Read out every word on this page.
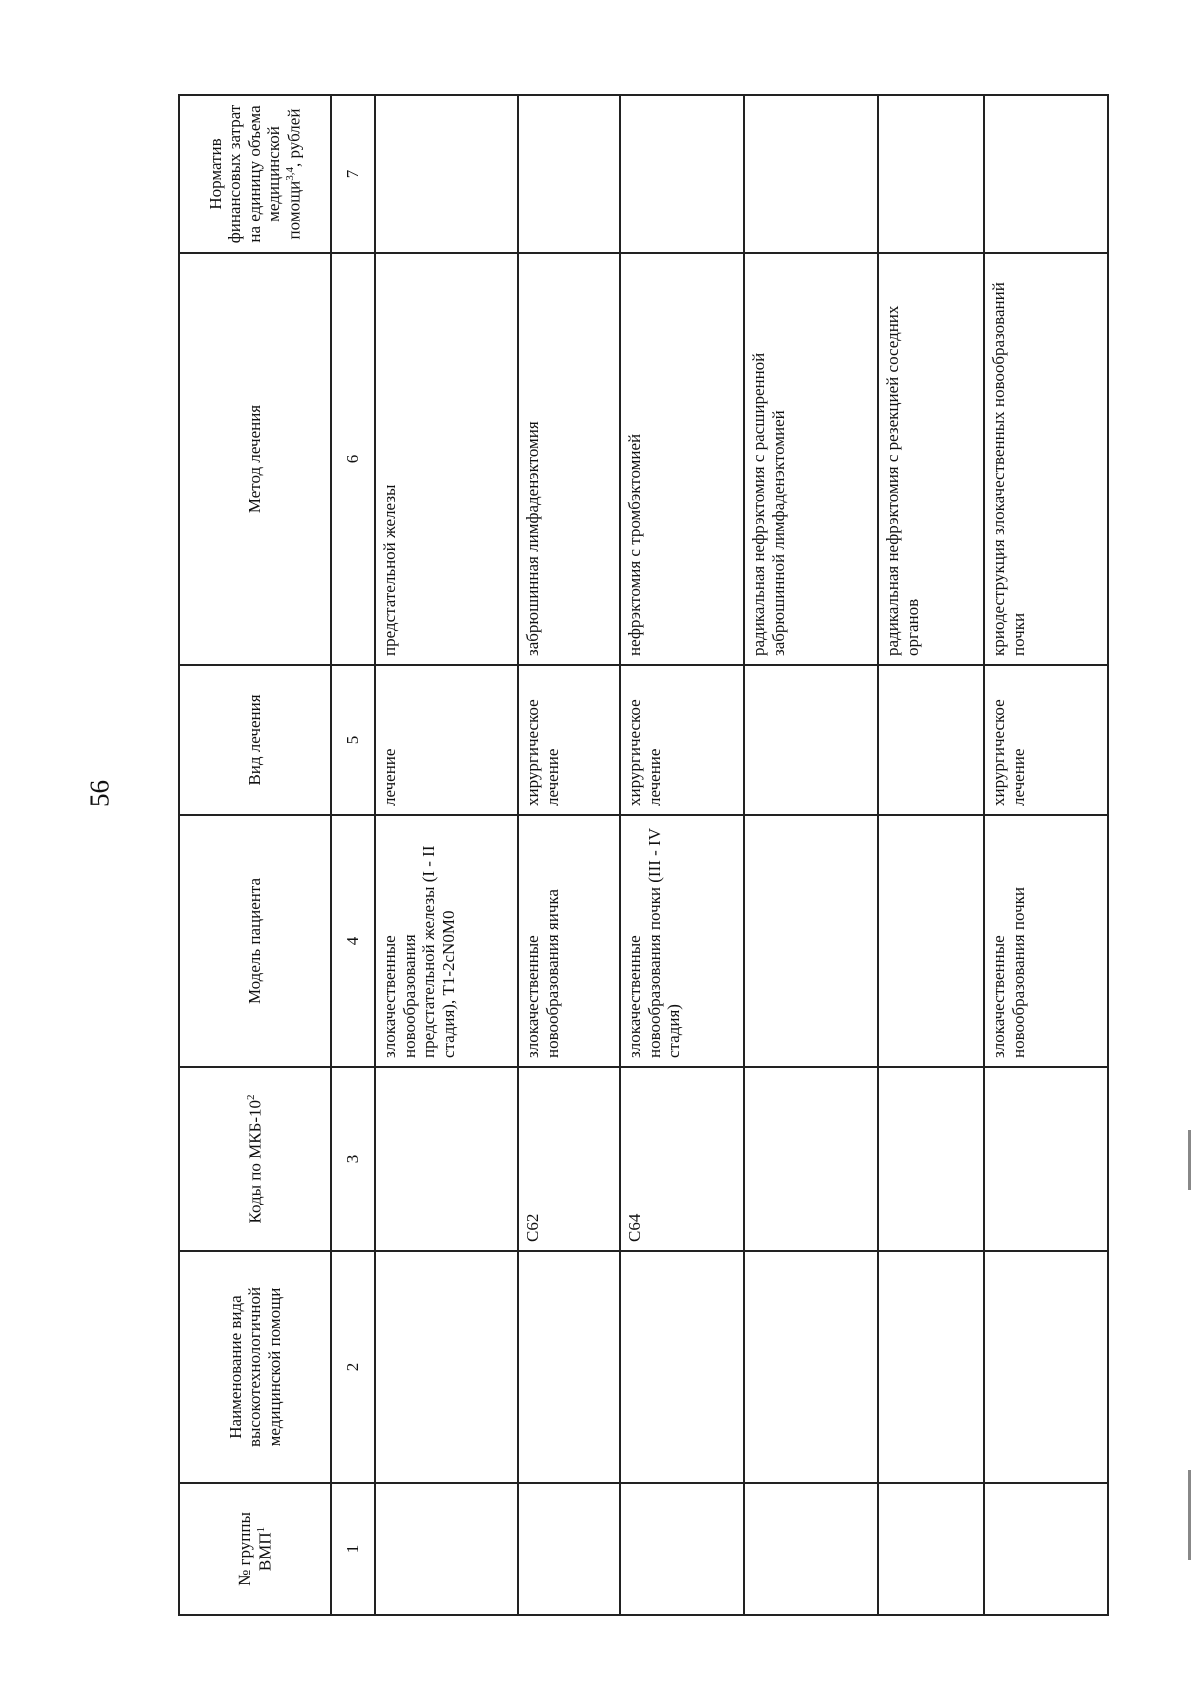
56
№ группы ВМП$^1$	Наименование вида высокотехнологичной медицинской помощи	Коды по МКБ-$10^2$	Модель пациента	Вид лечения	Метод лечения	Норматив финансовых затрат на единицу объема медицинской помощи$^{3,4}$, рублей
1	2	3	4	5	6	7
			злокачественные новообразования предстательной железы (I - II стадия), T1-2cN0M0	лечение	предстательной железы	
		C62	злокачественные новообразования яичка	хирургическое лечение	забрюшинная лимфаденэктомия	
		C64	злокачественные новообразования почки (III - IV стадия)	хирургическое лечение	нефрэктомия с тромбэктомией	
					радикальная нефрэктомия с расширенной забрюшинной лимфаденэктомией	
					радикальная нефрэктомия с резекцией соседних органов	
			злокачественные новообразования почки	хирургическое лечение	криодеструкция злокачественных новообразований почки	
